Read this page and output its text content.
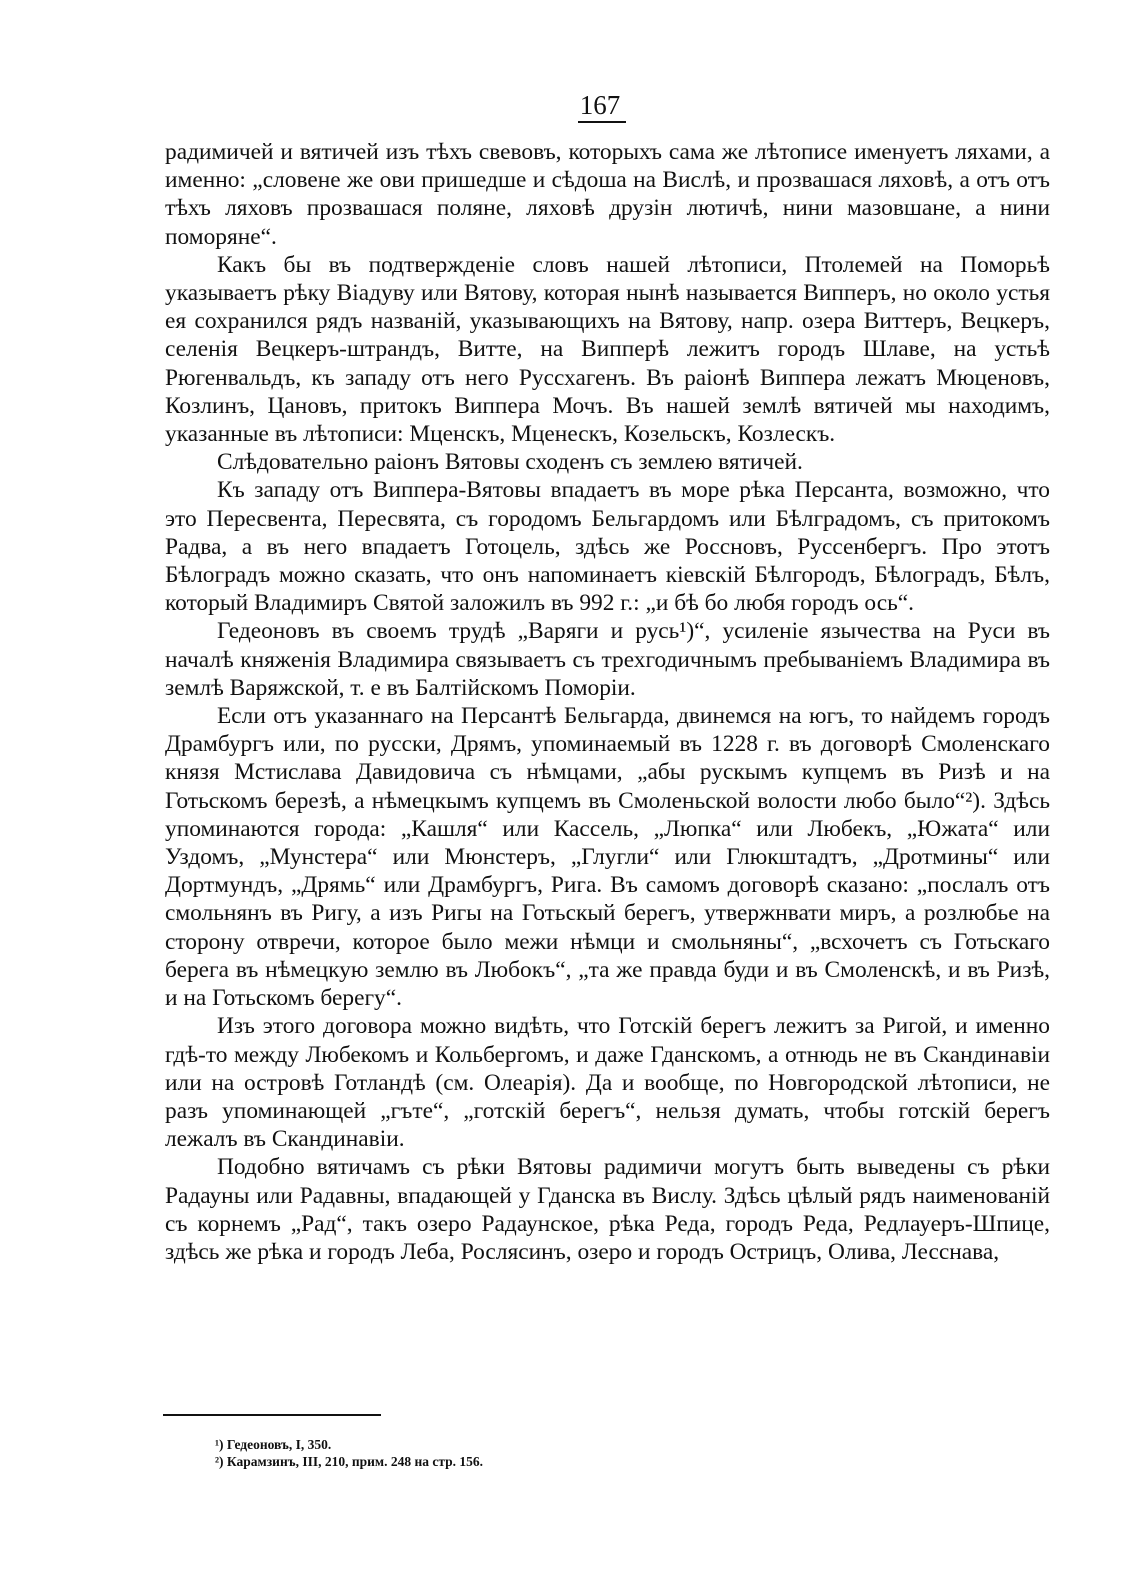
167

радимичей и вятичей изъ тѣхъ свевовъ, которыхъ сама же лѣтописе именуетъ ляхами, а именно: „словене же ови пришедше и сѣдоша на Вислѣ, и прозвашася ляховѣ, а отъ отъ тѣхъ ляховъ прозвашася поляне, ляховѣ друзін лютичѣ, нини мазовшане, а нини поморяне“.

Какъ бы въ подтвержденіе словъ нашей лѣтописи, Птолемей на Поморьѣ указываетъ рѣку Віадуву или Вятову, которая нынѣ называется Випперъ, но около устья ея сохранился рядъ названій, указывающихъ на Вятову, напр. озера Виттеръ, Вецкеръ, селенія Вецкеръ-штрандъ, Витте, на Випперѣ лежитъ городъ Шлаве, на устьѣ Рюгенвальдъ, къ западу отъ него Руссхагенъ. Въ раіонѣ Виппера лежатъ Мюценовъ, Козлинъ, Цановъ, притокъ Виппера Мочъ. Въ нашей землѣ вятичей мы находимъ, указанные въ лѣтописи: Мценскъ, Мценескъ, Козельскъ, Козлескъ.

Слѣдовательно раіонъ Вятовы сходенъ съ землею вятичей.

Къ западу отъ Виппера-Вятовы впадаетъ въ море рѣка Персанта, возможно, что это Пересвента, Пересвята, съ городомъ Бельгардомъ или Бѣлградомъ, съ притокомъ Радва, а въ него впадаетъ Готоцель, здѣсь же Россновъ, Руссенбергъ. Про этотъ Бѣлоградъ можно сказать, что онъ напоминаетъ кіевскій Бѣлгородъ, Бѣлоградъ, Бѣлъ, который Владимиръ Святой заложилъ въ 992 г.: „и бѣ бо любя городъ ось“.

Гедеоновъ въ своемъ трудѣ „Варяги и русь¹)“, усиленіе язычества на Руси въ началѣ княженія Владимира связываетъ съ трехгодичнымъ пребываніемъ Владимира въ землѣ Варяжской, т. е въ Балтійскомъ Поморіи.

Если отъ указаннаго на Персантѣ Бельгарда, двинемся на югъ, то найдемъ городъ Драмбургъ или, по русски, Дрямъ, упоминаемый въ 1228 г. въ договорѣ Смоленскаго князя Мстислава Давидовича съ нѣмцами, „абы рускымъ купцемъ въ Ризѣ и на Готьскомъ березѣ, а нѣмецкымъ купцемъ въ Смоленьской волости любо было“²). Здѣсь упоминаются города: „Кашля“ или Кассель, „Люпка“ или Любекъ, „Южата“ или Уздомъ, „Мунстера“ или Мюнстеръ, „Глугли“ или Глюкштадтъ, „Дротмины“ или Дортмундъ, „Дрямь“ или Драмбургъ, Рига. Въ самомъ договорѣ сказано: „послалъ отъ смольнянъ въ Ригу, а изъ Ригы на Готьскый берегъ, утвержнвати миръ, а розлюбье на сторону отвречи, которое было межи нѣмци и смольняны“, „всхочетъ съ Готьскаго берега въ нѣмецкую землю въ Любокъ“, „та же правда буди и въ Смоленскѣ, и въ Ризѣ, и на Готьскомъ берегу“.

Изъ этого договора можно видѣть, что Готскій берегъ лежитъ за Ригой, и именно гдѣ-то между Любекомъ и Кольбергомъ, и даже Гданскомъ, а отнюдь не въ Скандинавіи или на островѣ Готландѣ (см. Олеарія). Да и вообще, по Новгородской лѣтописи, не разъ упоминающей „гъте“, „готскій берегъ“, нельзя думать, чтобы готскій берегъ лежалъ въ Скандинавіи.

Подобно вятичамъ съ рѣки Вятовы радимичи могутъ быть выведены съ рѣки Радауны или Радавны, впадающей у Гданска въ Вислу. Здѣсь цѣлый рядъ наименованій съ корнемъ „Рад“, такъ озеро Радаунское, рѣка Реда, городъ Реда, Редлауеръ-Шпице, здѣсь же рѣка и городъ Леба, Рослясинъ, озеро и городъ Острицъ, Олива, Лесснава,

¹) Гедеоновъ, I, 350.
²) Карамзинъ, III, 210, прим. 248 на стр. 156.
